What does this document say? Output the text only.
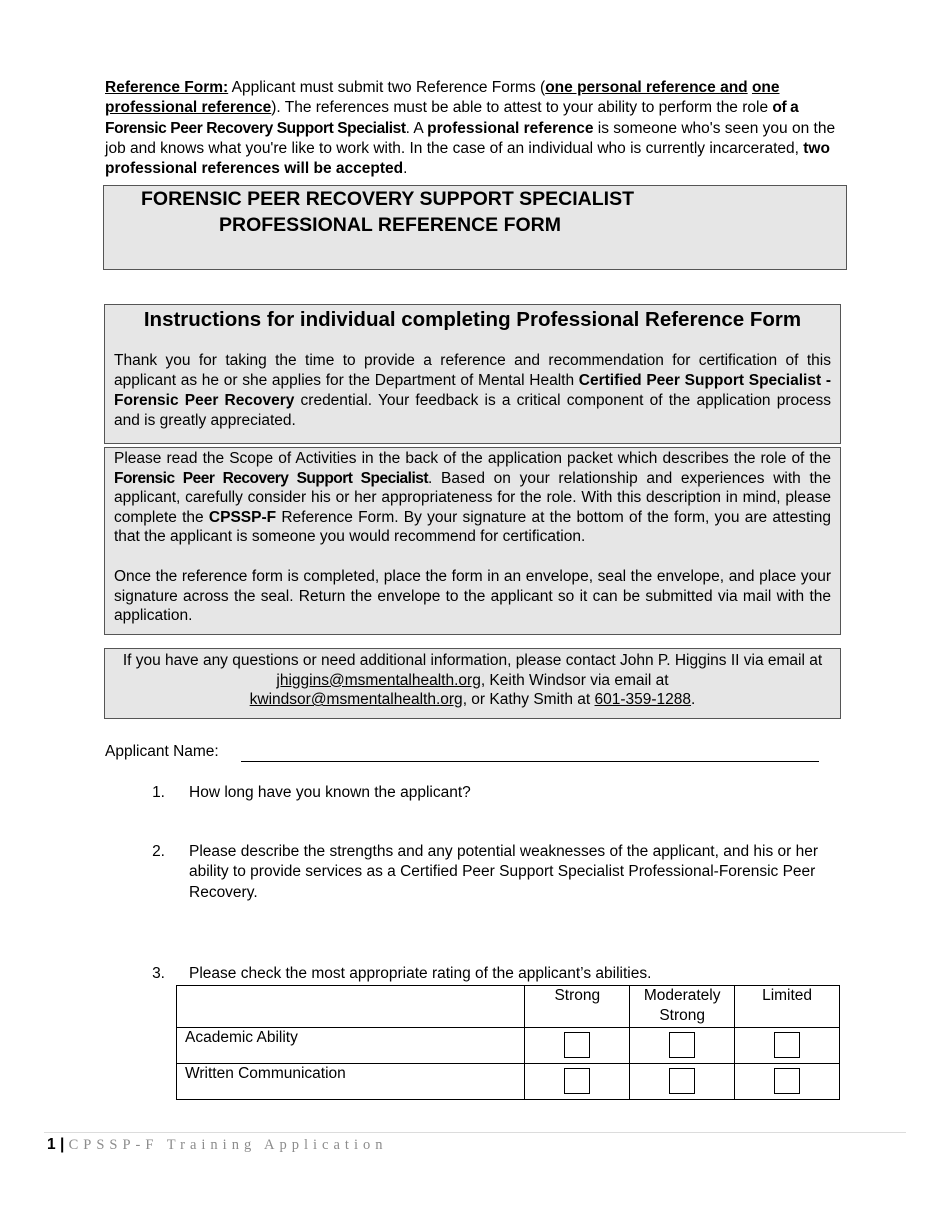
Reference Form: Applicant must submit two Reference Forms (one personal reference and one professional reference). The references must be able to attest to your ability to perform the role of a Forensic Peer Recovery Support Specialist. A professional reference is someone who's seen you on the job and knows what you're like to work with. In the case of an individual who is currently incarcerated, two professional references will be accepted.
FORENSIC PEER RECOVERY SUPPORT SPECIALIST
PROFESSIONAL REFERENCE FORM
Instructions for individual completing Professional Reference Form
Thank you for taking the time to provide a reference and recommendation for certification of this applicant as he or she applies for the Department of Mental Health Certified Peer Support Specialist - Forensic Peer Recovery credential. Your feedback is a critical component of the application process and is greatly appreciated.
Please read the Scope of Activities in the back of the application packet which describes the role of the Forensic Peer Recovery Support Specialist. Based on your relationship and experiences with the applicant, carefully consider his or her appropriateness for the role. With this description in mind, please complete the CPSSP-F Reference Form. By your signature at the bottom of the form, you are attesting that the applicant is someone you would recommend for certification.
Once the reference form is completed, place the form in an envelope, seal the envelope, and place your signature across the seal. Return the envelope to the applicant so it can be submitted via mail with the application.
If you have any questions or need additional information, please contact John P. Higgins II via email at jhiggins@msmentalhealth.org, Keith Windsor via email at
kwindsor@msmentalhealth.org, or Kathy Smith at 601-359-1288.
Applicant Name:
1. How long have you known the applicant?
2. Please describe the strengths and any potential weaknesses of the applicant, and his or her ability to provide services as a Certified Peer Support Specialist Professional-Forensic Peer Recovery.
3. Please check the most appropriate rating of the applicant’s abilities.
	Strong	Moderately Strong	Limited
Academic Ability			
Written Communication			
1 | CPSSP-F Training Application
